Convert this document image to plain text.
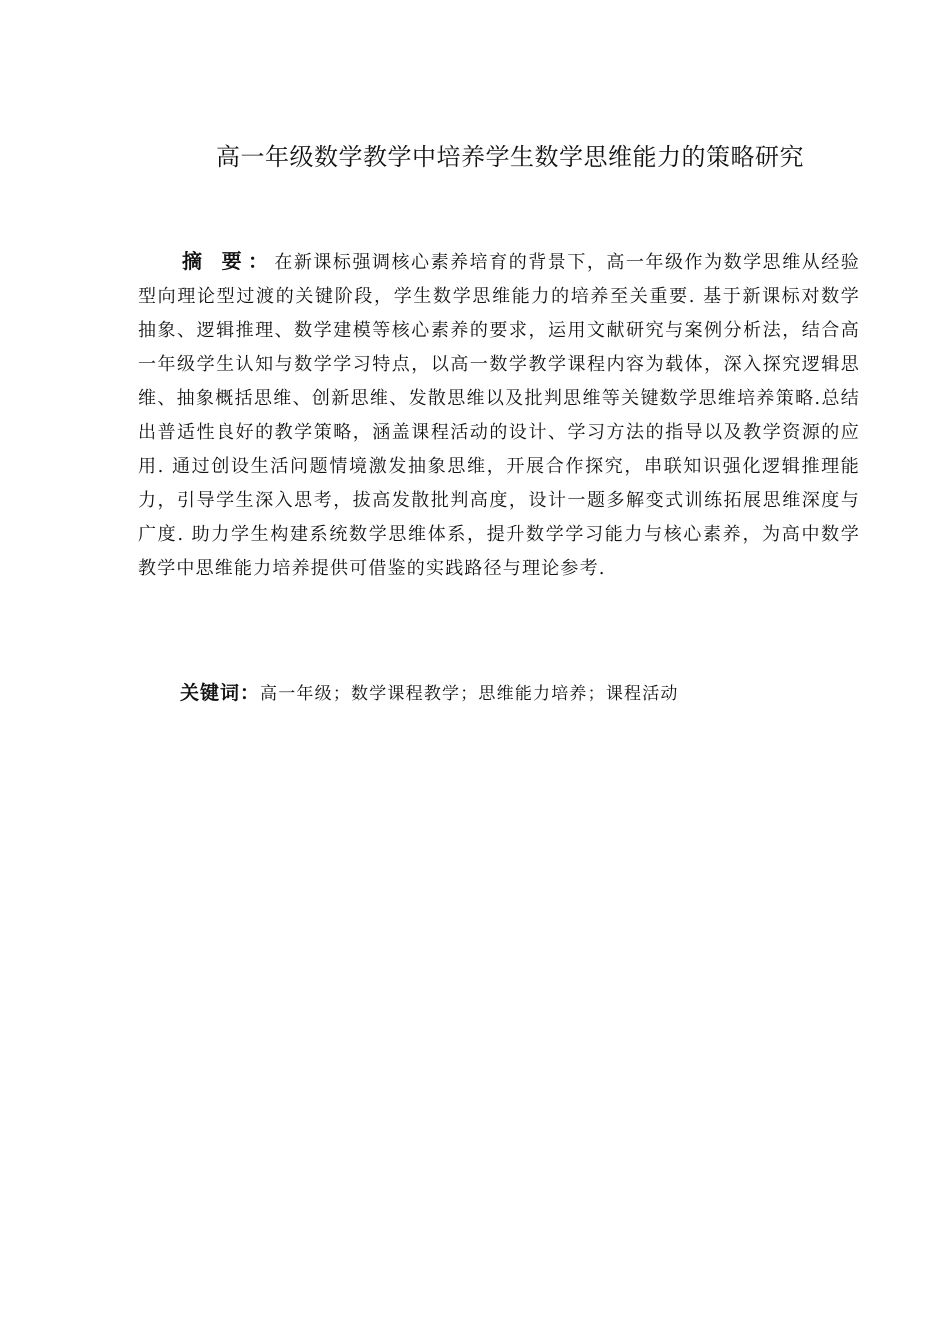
高一年级数学教学中培养学生数学思维能力的策略研究

摘 要：在新课标强调核心素养培育的背景下，高一年级作为数学思维从经验型向理论型过渡的关键阶段，学生数学思维能力的培养至关重要. 基于新课标对数学抽象、逻辑推理、数学建模等核心素养的要求，运用文献研究与案例分析法，结合高一年级学生认知与数学学习特点，以高一数学教学课程内容为载体，深入探究逻辑思维、抽象概括思维、创新思维、发散思维以及批判思维等关键数学思维培养策略.总结出普适性良好的教学策略，涵盖课程活动的设计、学习方法的指导以及教学资源的应用. 通过创设生活问题情境激发抽象思维，开展合作探究，串联知识强化逻辑推理能力，引导学生深入思考，拔高发散批判高度，设计一题多解变式训练拓展思维深度与广度. 助力学生构建系统数学思维体系，提升数学学习能力与核心素养，为高中数学教学中思维能力培养提供可借鉴的实践路径与理论参考.

关键词：高一年级；数学课程教学；思维能力培养；课程活动
